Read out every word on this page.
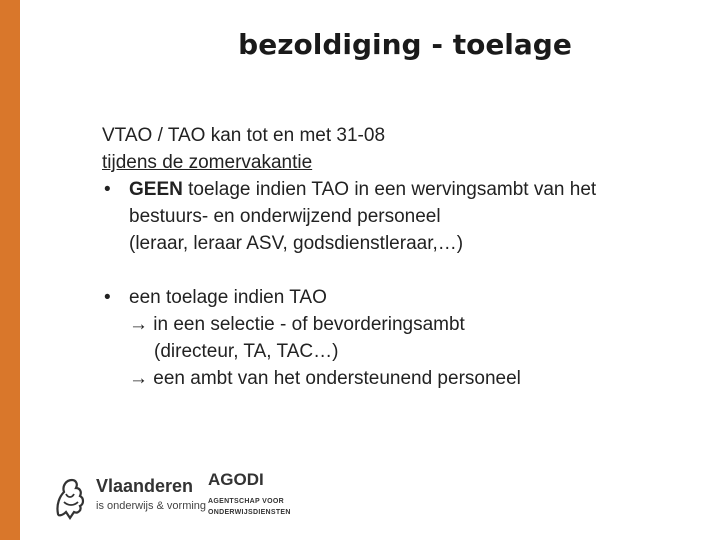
bezoldiging - toelage
VTAO / TAO kan tot en met 31-08
tijdens de zomervakantie
• GEEN toelage indien TAO in een wervingsambt van het
bestuurs- en onderwijzend personeel
(leraar, leraar ASV, godsdienstleraar,…)
• een toelage indien TAO
→ in een selectie - of bevorderingsambt
(directeur, TA, TAC…)
→ een ambt van het ondersteunend personeel
Vlaanderen
is onderwijs & vorming
AGODI
AGENTSCHAP VOOR
ONDERWIJSDIENSTEN
